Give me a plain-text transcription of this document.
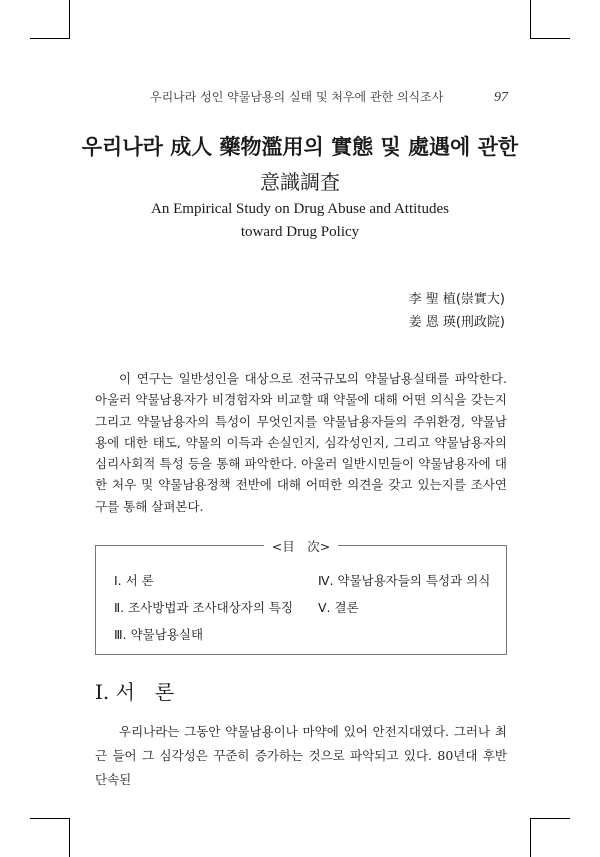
우리나라 성인 약물남용의 실태 및 처우에 관한 의식조사	97
우리나라 成人 藥物濫用의 實態 및 處遇에 관한
意識調査
An Empirical Study on Drug Abuse and Attitudes
toward Drug Policy
李 聖 植(崇實大)
姜 恩 瑛(刑政院)

이 연구는 일반성인을 대상으로 전국규모의 약물남용실태를 파악한다. 아울러 약물남용자가 비경험자와 비교할 때 약물에 대해 어떤 의식을 갖는지 그리고 약물남용자의 특성이 무엇인지를 약물남용자들의 주위환경, 약물남용에 대한 태도, 약물의 이득과 손실인지, 심각성인지, 그리고 약물남용자의 심리사회적 특성 등을 통해 파악한다. 아울러 일반시민들이 약물남용자에 대한 처우 및 약물남용정책 전반에 대해 어떠한 의견을 갖고 있는지를 조사연구를 통해 살펴본다.

<目　次>
Ⅰ. 서 론	Ⅳ. 약물남용자들의 특성과 의식
Ⅱ. 조사방법과 조사대상자의 특징 Ⅴ. 결론
Ⅲ. 약물남용실태
Ⅰ. 서　론

우리나라는 그동안 약물남용이나 마약에 있어 안전지대였다. 그러나 최근 들어 그 심각성은 꾸준히 증가하는 것으로 파악되고 있다. 80년대 후반 단속된
